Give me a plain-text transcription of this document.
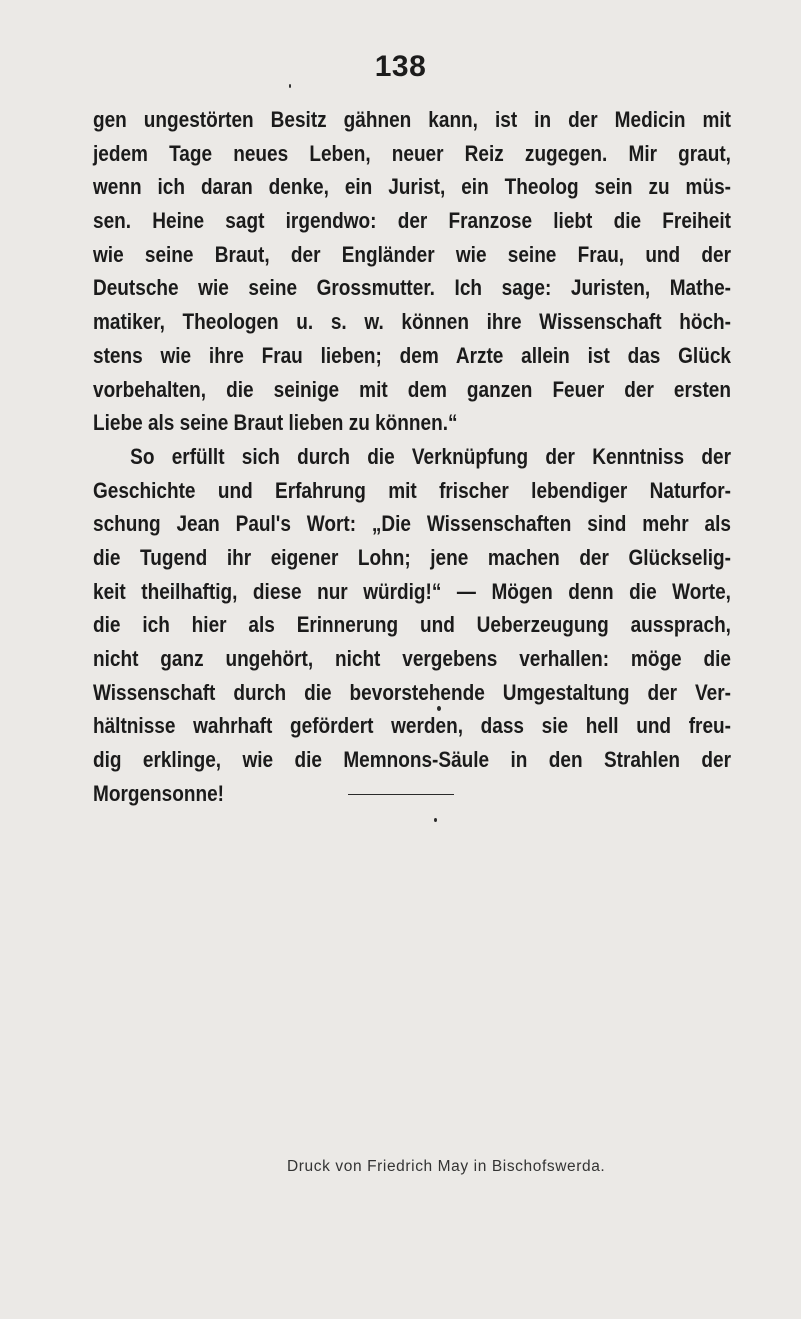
138
gen ungestörten Besitz gähnen kann, ist in der Medicin mit
jedem Tage neues Leben, neuer Reiz zugegen. Mir graut,
wenn ich daran denke, ein Jurist, ein Theolog sein zu müs-
sen. Heine sagt irgendwo: der Franzose liebt die Freiheit
wie seine Braut, der Engländer wie seine Frau, und der
Deutsche wie seine Grossmutter. Ich sage: Juristen, Mathe-
matiker, Theologen u. s. w. können ihre Wissenschaft höch-
stens wie ihre Frau lieben; dem Arzte allein ist das Glück
vorbehalten, die seinige mit dem ganzen Feuer der ersten
Liebe als seine Braut lieben zu können.“
So erfüllt sich durch die Verknüpfung der Kenntniss der
Geschichte und Erfahrung mit frischer lebendiger Naturfor-
schung Jean Paul's Wort: „Die Wissenschaften sind mehr als
die Tugend ihr eigener Lohn; jene machen der Glückselig-
keit theilhaftig, diese nur würdig!“ — Mögen denn die Worte,
die ich hier als Erinnerung und Ueberzeugung aussprach,
nicht ganz ungehört, nicht vergebens verhallen: möge die
Wissenschaft durch die bevorstehende Umgestaltung der Ver-
hältnisse wahrhaft gefördert werden, dass sie hell und freu-
dig erklinge, wie die Memnons-Säule in den Strahlen der
Morgensonne!
Druck von Friedrich May in Bischofswerda.
